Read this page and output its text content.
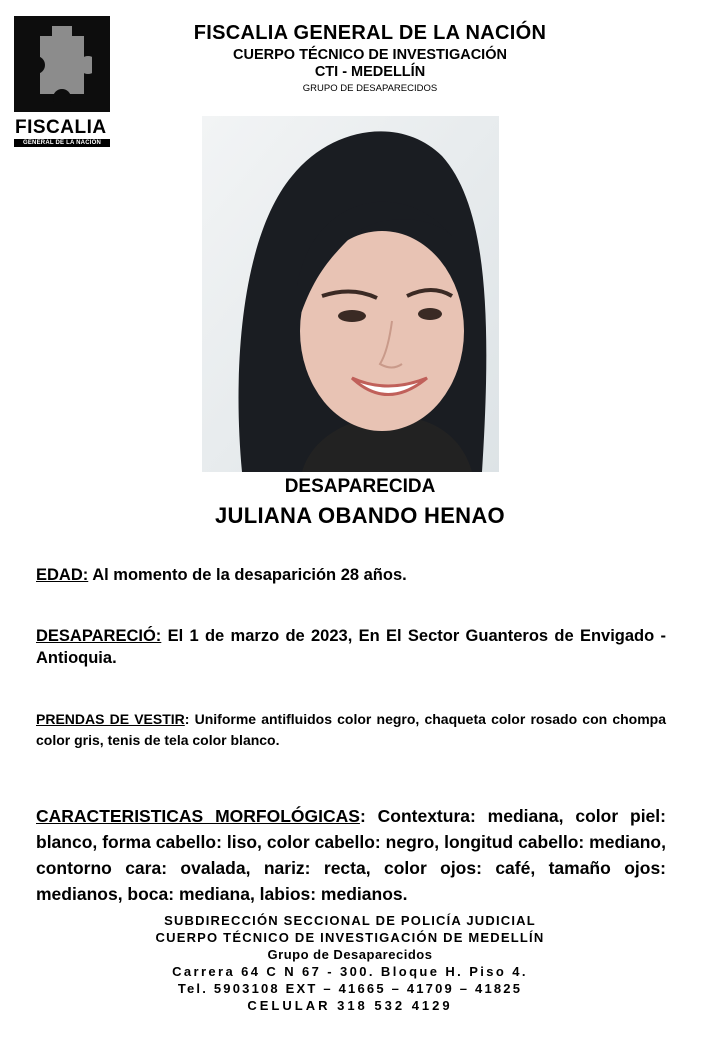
FISCALIA
GENERAL DE LA NACION
FISCALIA GENERAL DE LA NACIÓN
CUERPO TÉCNICO DE INVESTIGACIÓN
CTI - MEDELLÍN
GRUPO DE DESAPARECIDOS
DESAPARECIDA
JULIANA OBANDO HENAO
EDAD: Al momento de la desaparición 28 años.
DESAPARECIÓ: El 1 de marzo de 2023, En El Sector Guanteros de Envigado - Antioquia.
PRENDAS DE VESTIR: Uniforme antifluidos color negro, chaqueta color rosado con chompa color gris, tenis de tela color blanco.
CARACTERISTICAS MORFOLÓGICAS: Contextura: mediana, color piel: blanco, forma cabello: liso, color cabello: negro, longitud cabello: mediano, contorno cara: ovalada, nariz: recta, color ojos: café, tamaño ojos: medianos, boca: mediana, labios: medianos.
SUBDIRECCIÓN SECCIONAL DE POLICÍA JUDICIAL
CUERPO TÉCNICO DE INVESTIGACIÓN DE MEDELLÍN
Grupo de Desaparecidos
Carrera 64 C N 67 - 300. Bloque H. Piso 4.
Tel. 5903108 EXT – 41665 – 41709 – 41825
CELULAR 318 532 4129
